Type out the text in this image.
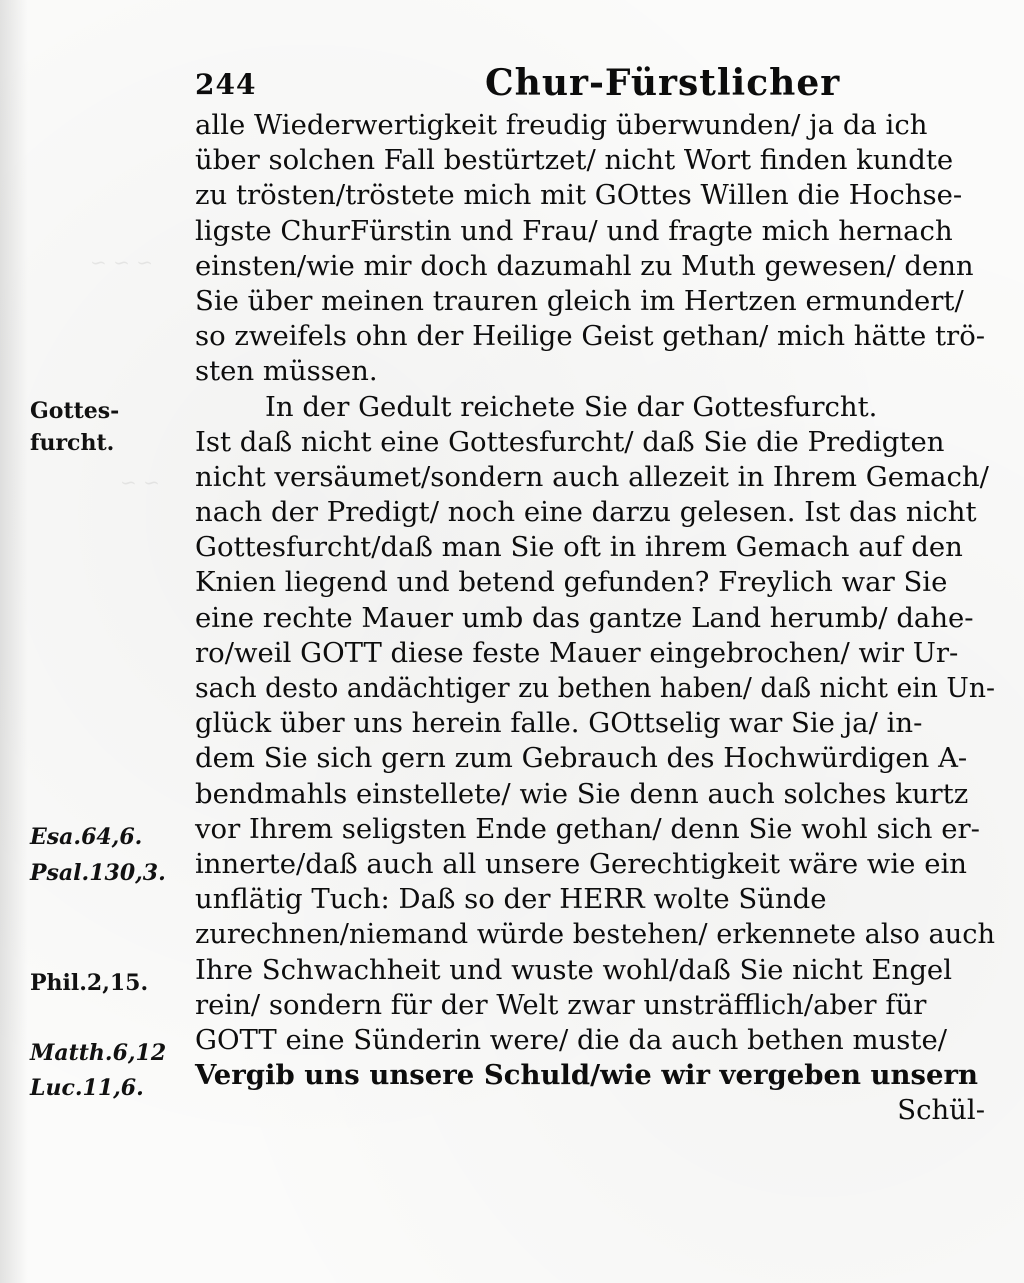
~ ~ ~
~ ~
244	Chur-Fürstlicher
Gottes-
furcht.
Esa.64,6.
Psal.130,3.
Phil.2,15.
Matth.6,12
Luc.11,6.
alle Wiederwertigkeit freudig überwunden/ ja da ich
über solchen Fall bestürtzet/ nicht Wort finden kundte
zu trösten/tröstete mich mit GOttes Willen die Hochse-
ligste ChurFürstin und Frau/ und fragte mich hernach
einsten/wie mir doch dazumahl zu Muth gewesen/ denn
Sie über meinen trauren gleich im Hertzen ermundert/
so zweifels ohn der Heilige Geist gethan/ mich hätte trö-
sten müssen.
In der Gedult reichete Sie dar Gottesfurcht.
Ist daß nicht eine Gottesfurcht/ daß Sie die Predigten
nicht versäumet/sondern auch allezeit in Ihrem Gemach/
nach der Predigt/ noch eine darzu gelesen. Ist das nicht
Gottesfurcht/daß man Sie oft in ihrem Gemach auf den
Knien liegend und betend gefunden? Freylich war Sie
eine rechte Mauer umb das gantze Land herumb/ dahe-
ro/weil GOTT diese feste Mauer eingebrochen/ wir Ur-
sach desto andächtiger zu bethen haben/ daß nicht ein Un-
glück über uns herein falle. GOttselig war Sie ja/ in-
dem Sie sich gern zum Gebrauch des Hochwürdigen A-
bendmahls einstellete/ wie Sie denn auch solches kurtz
vor Ihrem seligsten Ende gethan/ denn Sie wohl sich er-
innerte/daß auch all unsere Gerechtigkeit wäre wie ein
unflätig Tuch: Daß so der HERR wolte Sünde
zurechnen/niemand würde bestehen/ erkennete also auch
Ihre Schwachheit und wuste wohl/daß Sie nicht Engel
rein/ sondern für der Welt zwar unsträfflich/aber für
GOTT eine Sünderin were/ die da auch bethen muste/
Vergib uns unsere Schuld/wie wir vergeben unsern
Schül-
